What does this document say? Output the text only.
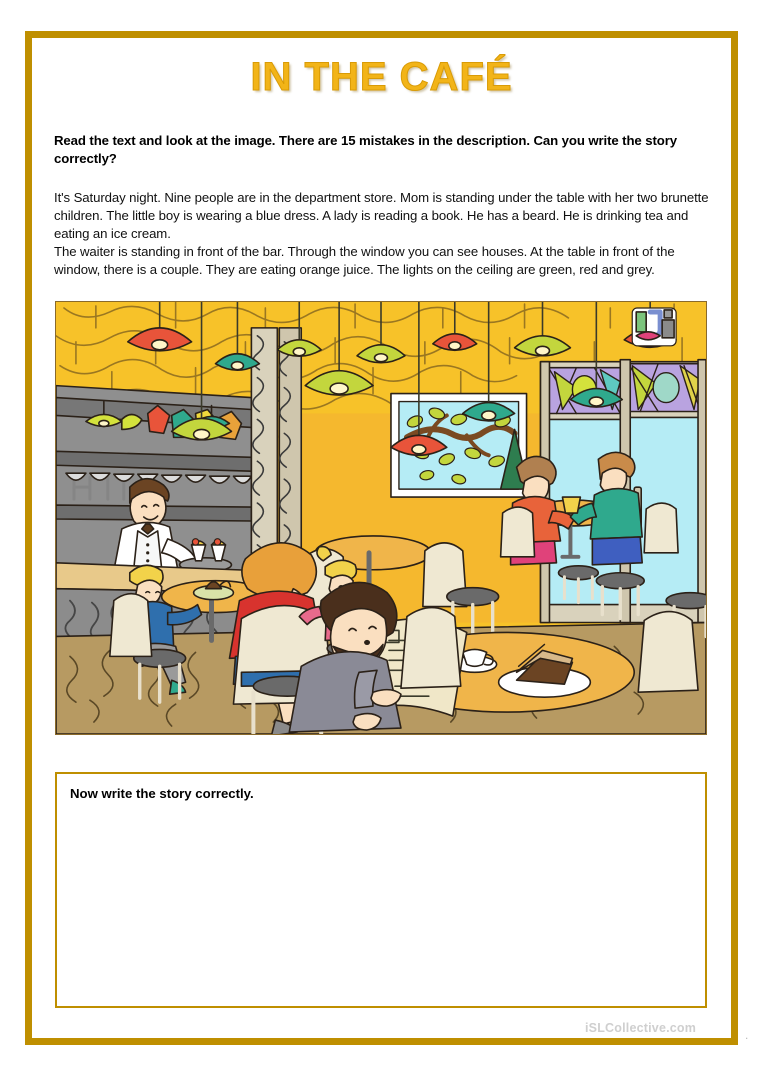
IN THE CAFÉ

Read the text and look at the image. There are 15 mistakes in the description. Can you write the story correctly?

It's Saturday night. Nine people are in the department store. Mom is standing under the table with her two brunette children. The little boy is wearing a blue dress. A lady is reading a book. He has a beard. He is drinking tea and eating an ice cream.
The waiter is standing in front of the bar. Through the window you can see houses. At the table in front of the window, there is a couple. They are eating orange juice. The lights on the ceiling are green, red and grey.

Now write the story correctly.

iSLCollective.com	.
